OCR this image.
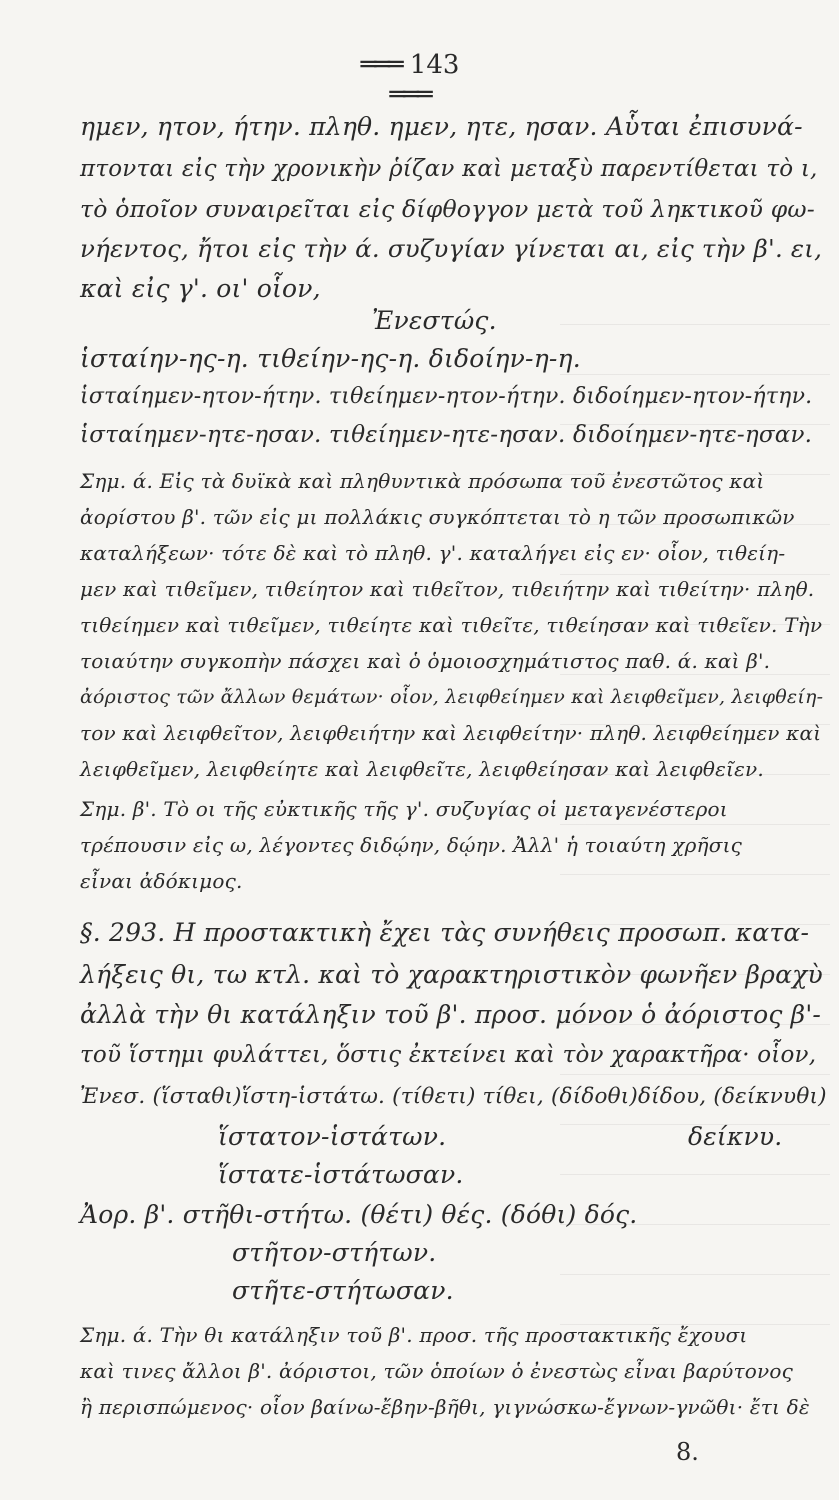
═══ 143 ═══
ημεν, ητον, ήτην. πληθ. ημεν, ητε, ησαν. Αὗται ἐπισυνά-
πτονται εἰς τὴν χρονικὴν ῥίζαν καὶ μεταξὺ παρεντίθεται τὸ ι,
τὸ ὁποῖον συναιρεῖται εἰς δίφθογγον μετὰ τοῦ ληκτικοῦ φω-
νήεντος, ἤτοι εἰς τὴν ά. συζυγίαν γίνεται αι, εἰς τὴν β'. ει,
καὶ εἰς γ'. οι' οἷον,
Ἐνεστώς.
ἱσταίην-ης-η. τιθείην-ης-η. διδοίην-η-η.
ἱσταίημεν-ητον-ήτην. τιθείημεν-ητον-ήτην. διδοίημεν-ητον-ήτην.
ἱσταίημεν-ητε-ησαν. τιθείημεν-ητε-ησαν. διδοίημεν-ητε-ησαν.
Σημ. ά. Εἰς τὰ δυϊκὰ καὶ πληθυντικὰ πρόσωπα τοῦ ἐνεστῶτος καὶ
ἀορίστου β'. τῶν εἰς μι πολλάκις συγκόπτεται τὸ η τῶν προσωπικῶν
καταλήξεων· τότε δὲ καὶ τὸ πληθ. γ'. καταλήγει εἰς εν· οἷον, τιθείη-
μεν καὶ τιθεῖμεν, τιθείητον καὶ τιθεῖτον, τιθειήτην καὶ τιθείτην· πληθ.
τιθείημεν καὶ τιθεῖμεν, τιθείητε καὶ τιθεῖτε, τιθείησαν καὶ τιθεῖεν. Τὴν
τοιαύτην συγκοπὴν πάσχει καὶ ὁ ὁμοιοσχημάτιστος παθ. ά. καὶ β'.
ἀόριστος τῶν ἄλλων θεμάτων· οἷον, λειφθείημεν καὶ λειφθεῖμεν, λειφθείη-
τον καὶ λειφθεῖτον, λειφθειήτην καὶ λειφθείτην· πληθ. λειφθείημεν καὶ
λειφθεῖμεν, λειφθείητε καὶ λειφθεῖτε, λειφθείησαν καὶ λειφθεῖεν.
Σημ. β'. Τὸ οι τῆς εὐκτικῆς τῆς γ'. συζυγίας οἱ μεταγενέστεροι
τρέπουσιν εἰς ω, λέγοντες διδῴην, δῴην. Ἀλλ' ἡ τοιαύτη χρῆσις
εἶναι ἀδόκιμος.
§. 293. Η προστακτικὴ ἔχει τὰς συνήθεις προσωπ. κατα-
λήξεις θι, τω κτλ. καὶ τὸ χαρακτηριστικὸν φωνῆεν βραχὺ
ἀλλὰ τὴν θι κατάληξιν τοῦ β'. προσ. μόνον ὁ ἀόριστος β'-
τοῦ ἵστημι φυλάττει, ὅστις ἐκτείνει καὶ τὸν χαρακτῆρα· οἷον,
Ἐνεσ. (ἵσταθι)ἵστη-ἱστάτω. (τίθετι) τίθει, (δίδοθι)δίδου, (δείκνυθι)
ἵστατον-ἱστάτων.	δείκνυ.
ἵστατε-ἱστάτωσαν.
Ἀορ. β'. στῆθι-στήτω. (θέτι) θές. (δόθι) δός.
στῆτον-στήτων.
στῆτε-στήτωσαν.
Σημ. ά. Τὴν θι κατάληξιν τοῦ β'. προσ. τῆς προστακτικῆς ἔχουσι
καὶ τινες ἄλλοι β'. ἀόριστοι, τῶν ὁποίων ὁ ἐνεστὼς εἶναι βαρύτονος
ἢ περισπώμενος· οἷον βαίνω-ἔβην-βῆθι, γιγνώσκω-ἔγνων-γνῶθι· ἔτι δὲ
8.
